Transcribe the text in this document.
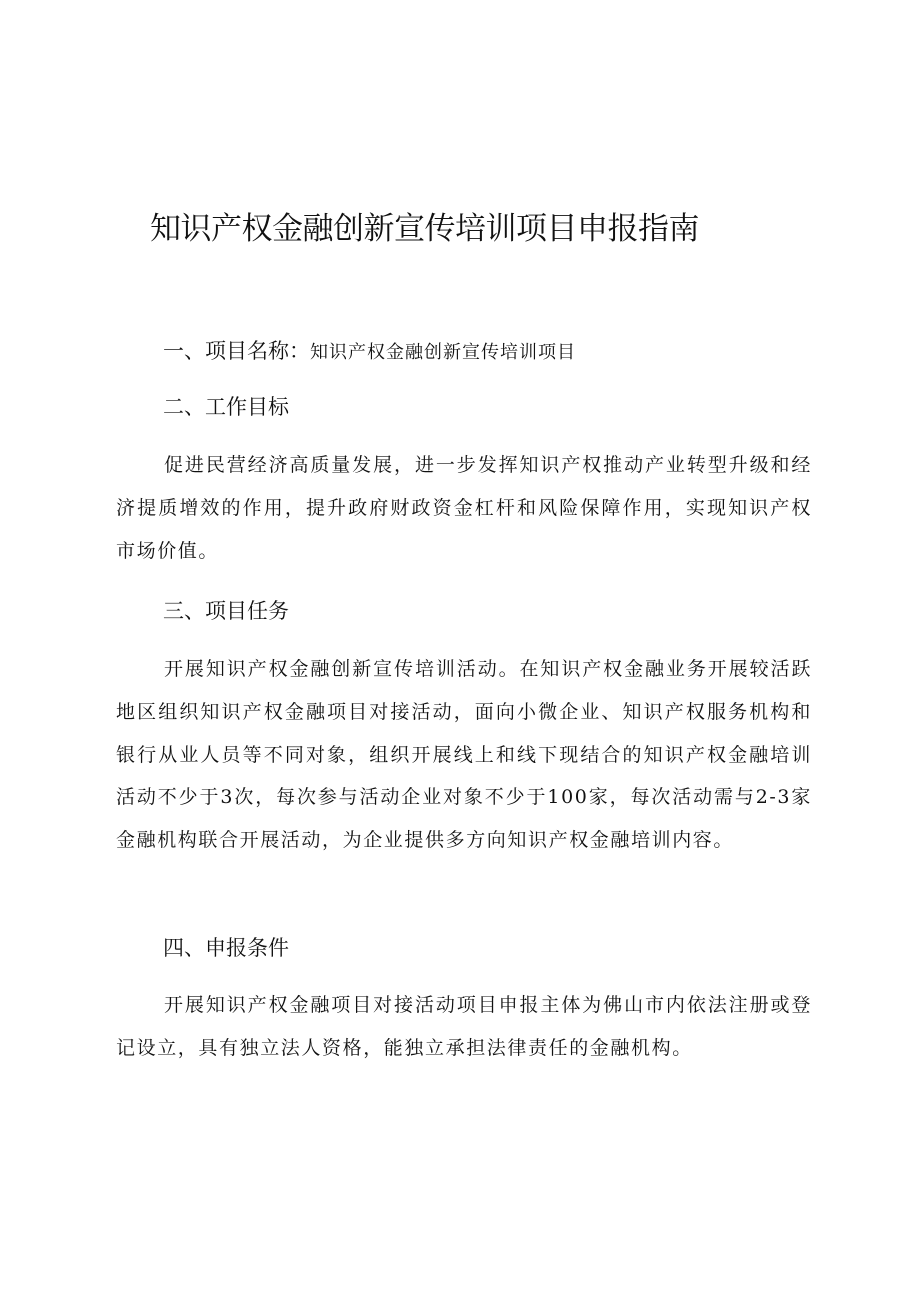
知识产权金融创新宣传培训项目申报指南
一、项目名称：知识产权金融创新宣传培训项目
二、工作目标

促进民营经济高质量发展，进一步发挥知识产权推动产业转型升级和经济提质增效的作用，提升政府财政资金杠杆和风险保障作用，实现知识产权市场价值。

三、项目任务

开展知识产权金融创新宣传培训活动。在知识产权金融业务开展较活跃地区组织知识产权金融项目对接活动，面向小微企业、知识产权服务机构和银行从业人员等不同对象，组织开展线上和线下现结合的知识产权金融培训活动不少于3次，每次参与活动企业对象不少于100家，每次活动需与2-3家金融机构联合开展活动，为企业提供多方向知识产权金融培训内容。

四、申报条件

开展知识产权金融项目对接活动项目申报主体为佛山市内依法注册或登记设立，具有独立法人资格，能独立承担法律责任的金融机构。
